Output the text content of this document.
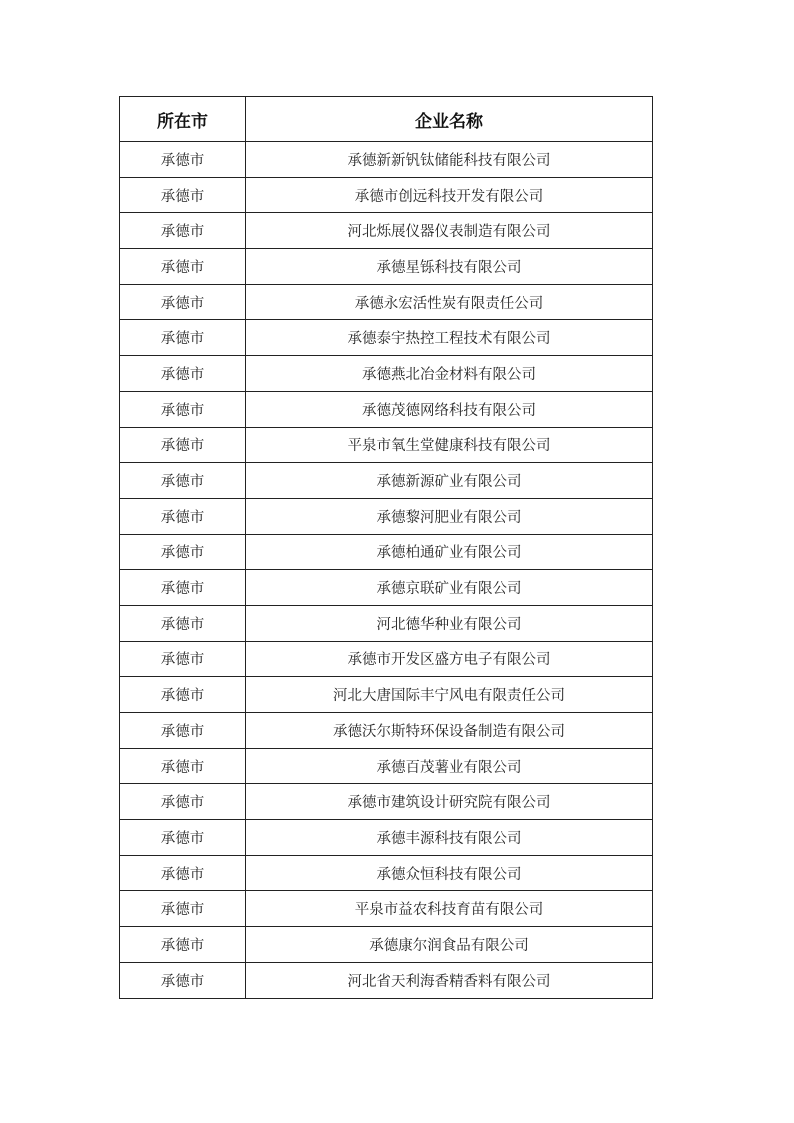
所在市	企业名称
承德市	承德新新钒钛储能科技有限公司
承德市	承德市创远科技开发有限公司
承德市	河北烁展仪器仪表制造有限公司
承德市	承德星铄科技有限公司
承德市	承德永宏活性炭有限责任公司
承德市	承德泰宇热控工程技术有限公司
承德市	承德燕北冶金材料有限公司
承德市	承德茂德网络科技有限公司
承德市	平泉市氧生堂健康科技有限公司
承德市	承德新源矿业有限公司
承德市	承德黎河肥业有限公司
承德市	承德柏通矿业有限公司
承德市	承德京联矿业有限公司
承德市	河北德华种业有限公司
承德市	承德市开发区盛方电子有限公司
承德市	河北大唐国际丰宁风电有限责任公司
承德市	承德沃尔斯特环保设备制造有限公司
承德市	承德百茂薯业有限公司
承德市	承德市建筑设计研究院有限公司
承德市	承德丰源科技有限公司
承德市	承德众恒科技有限公司
承德市	平泉市益农科技育苗有限公司
承德市	承德康尔润食品有限公司
承德市	河北省天利海香精香料有限公司
